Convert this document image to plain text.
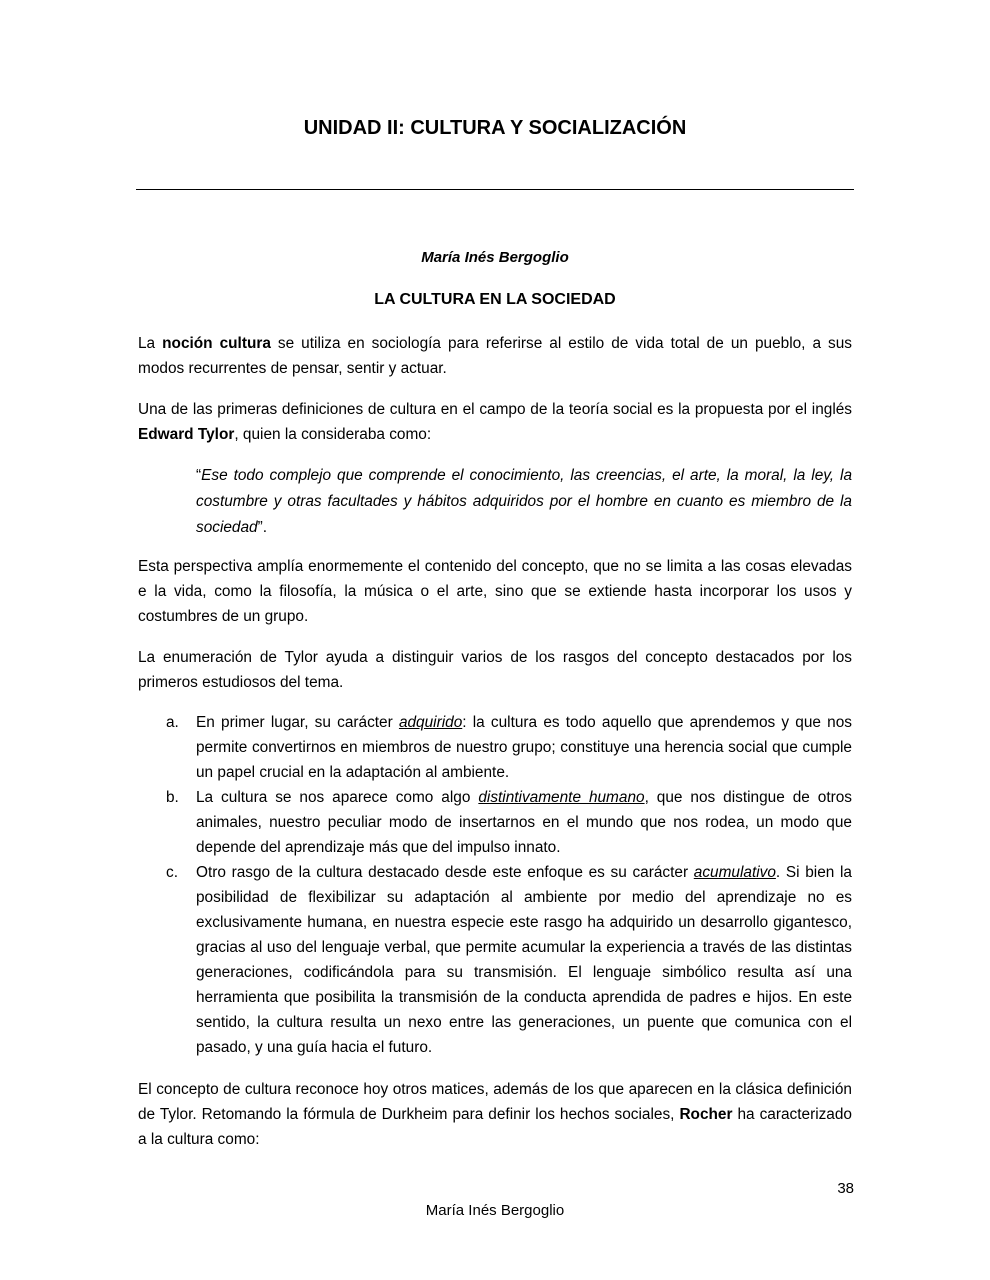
UNIDAD II: CULTURA Y SOCIALIZACIÓN
María Inés Bergoglio
LA CULTURA EN LA SOCIEDAD

La noción cultura se utiliza en sociología para referirse al estilo de vida total de un pueblo, a sus modos recurrentes de pensar, sentir y actuar.

Una de las primeras definiciones de cultura en el campo de la teoría social es la propuesta por el inglés Edward Tylor, quien la consideraba como:

“Ese todo complejo que comprende el conocimiento, las creencias, el arte, la moral, la ley, la costumbre y otras facultades y hábitos adquiridos por el hombre en cuanto es miembro de la sociedad”.

Esta perspectiva amplía enormemente el contenido del concepto, que no se limita a las cosas elevadas e la vida, como la filosofía, la música o el arte, sino que se extiende hasta incorporar los usos y costumbres de un grupo.

La enumeración de Tylor ayuda a distinguir varios de los rasgos del concepto destacados por los primeros estudiosos del tema.

a. En primer lugar, su carácter adquirido: la cultura es todo aquello que aprendemos y que nos permite convertirnos en miembros de nuestro grupo; constituye una herencia social que cumple un papel crucial en la adaptación al ambiente.
b. La cultura se nos aparece como algo distintivamente humano, que nos distingue de otros animales, nuestro peculiar modo de insertarnos en el mundo que nos rodea, un modo que depende del aprendizaje más que del impulso innato.
c. Otro rasgo de la cultura destacado desde este enfoque es su carácter acumulativo. Si bien la posibilidad de flexibilizar su adaptación al ambiente por medio del aprendizaje no es exclusivamente humana, en nuestra especie este rasgo ha adquirido un desarrollo gigantesco, gracias al uso del lenguaje verbal, que permite acumular la experiencia a través de las distintas generaciones, codificándola para su transmisión. El lenguaje simbólico resulta así una herramienta que posibilita la transmisión de la conducta aprendida de padres e hijos. En este sentido, la cultura resulta un nexo entre las generaciones, un puente que comunica con el pasado, y una guía hacia el futuro.

El concepto de cultura reconoce hoy otros matices, además de los que aparecen en la clásica definición de Tylor. Retomando la fórmula de Durkheim para definir los hechos sociales, Rocher ha caracterizado a la cultura como:

38
María Inés Bergoglio
